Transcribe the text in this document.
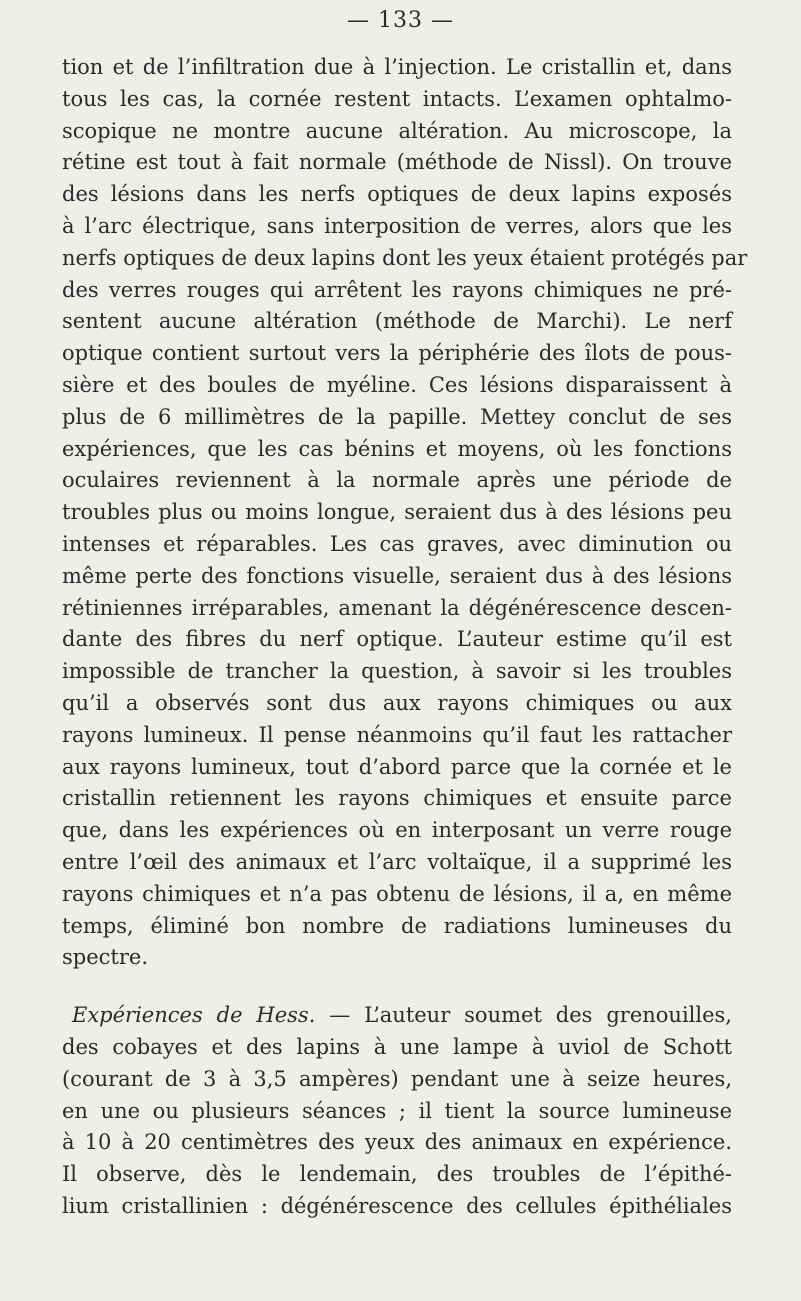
— 133 —
tion et de l’infiltration due à l’injection. Le cristallin et, dans
tous les cas, la cornée restent intacts. L’examen ophtalmo-
scopique ne montre aucune altération. Au microscope, la
rétine est tout à fait normale (méthode de Nissl). On trouve
des lésions dans les nerfs optiques de deux lapins exposés
à l’arc électrique, sans interposition de verres, alors que les
nerfs optiques de deux lapins dont les yeux étaient protégés par
des verres rouges qui arrêtent les rayons chimiques ne pré-
sentent aucune altération (méthode de Marchi). Le nerf
optique contient surtout vers la périphérie des îlots de pous-
sière et des boules de myéline. Ces lésions disparaissent à
plus de 6 millimètres de la papille. Mettey conclut de ses
expériences, que les cas bénins et moyens, où les fonctions
oculaires reviennent à la normale après une période de
troubles plus ou moins longue, seraient dus à des lésions peu
intenses et réparables. Les cas graves, avec diminution ou
même perte des fonctions visuelle, seraient dus à des lésions
rétiniennes irréparables, amenant la dégénérescence descen-
dante des fibres du nerf optique. L’auteur estime qu’il est
impossible de trancher la question, à savoir si les troubles
qu’il a observés sont dus aux rayons chimiques ou aux
rayons lumineux. Il pense néanmoins qu’il faut les rattacher
aux rayons lumineux, tout d’abord parce que la cornée et le
cristallin retiennent les rayons chimiques et ensuite parce
que, dans les expériences où en interposant un verre rouge
entre l’œil des animaux et l’arc voltaïque, il a supprimé les
rayons chimiques et n’a pas obtenu de lésions, il a, en même
temps, éliminé bon nombre de radiations lumineuses du
spectre.
Expériences de Hess. — L’auteur soumet des grenouilles,
des cobayes et des lapins à une lampe à uviol de Schott
(courant de 3 à 3,5 ampères) pendant une à seize heures,
en une ou plusieurs séances ; il tient la source lumineuse
à 10 à 20 centimètres des yeux des animaux en expérience.
Il observe, dès le lendemain, des troubles de l’épithé-
lium cristallinien : dégénérescence des cellules épithéliales
